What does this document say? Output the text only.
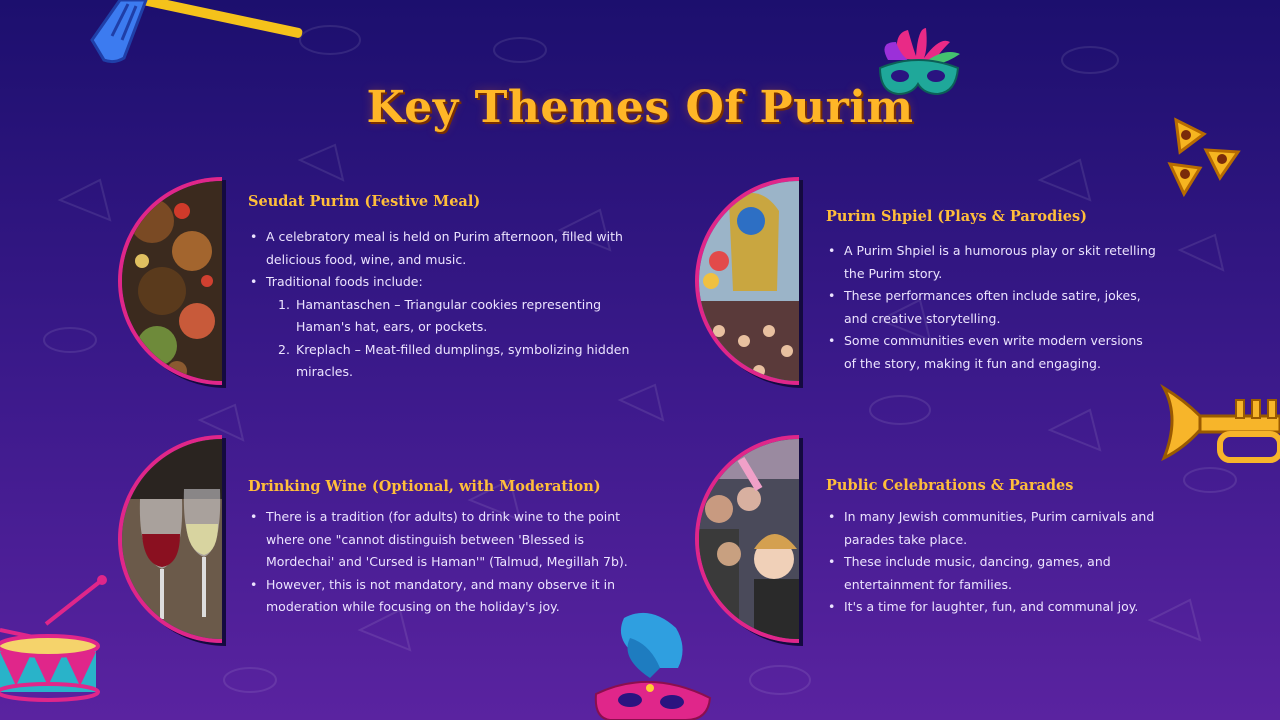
Key Themes Of Purim
Seudat Purim (Festive Meal)
• A celebratory meal is held on Purim afternoon, filled with delicious food, wine, and music.
• Traditional foods include:
1. Hamantaschen – Triangular cookies representing Haman's hat, ears, or pockets.
2. Kreplach – Meat-filled dumplings, symbolizing hidden miracles.
Purim Shpiel (Plays & Parodies)
• A Purim Shpiel is a humorous play or skit retelling the Purim story.
• These performances often include satire, jokes, and creative storytelling.
• Some communities even write modern versions of the story, making it fun and engaging.
Drinking Wine (Optional, with Moderation)
• There is a tradition (for adults) to drink wine to the point where one "cannot distinguish between 'Blessed is Mordechai' and 'Cursed is Haman'" (Talmud, Megillah 7b).
• However, this is not mandatory, and many observe it in moderation while focusing on the holiday's joy.
Public Celebrations & Parades
• In many Jewish communities, Purim carnivals and parades take place.
• These include music, dancing, games, and entertainment for families.
• It's a time for laughter, fun, and communal joy.
